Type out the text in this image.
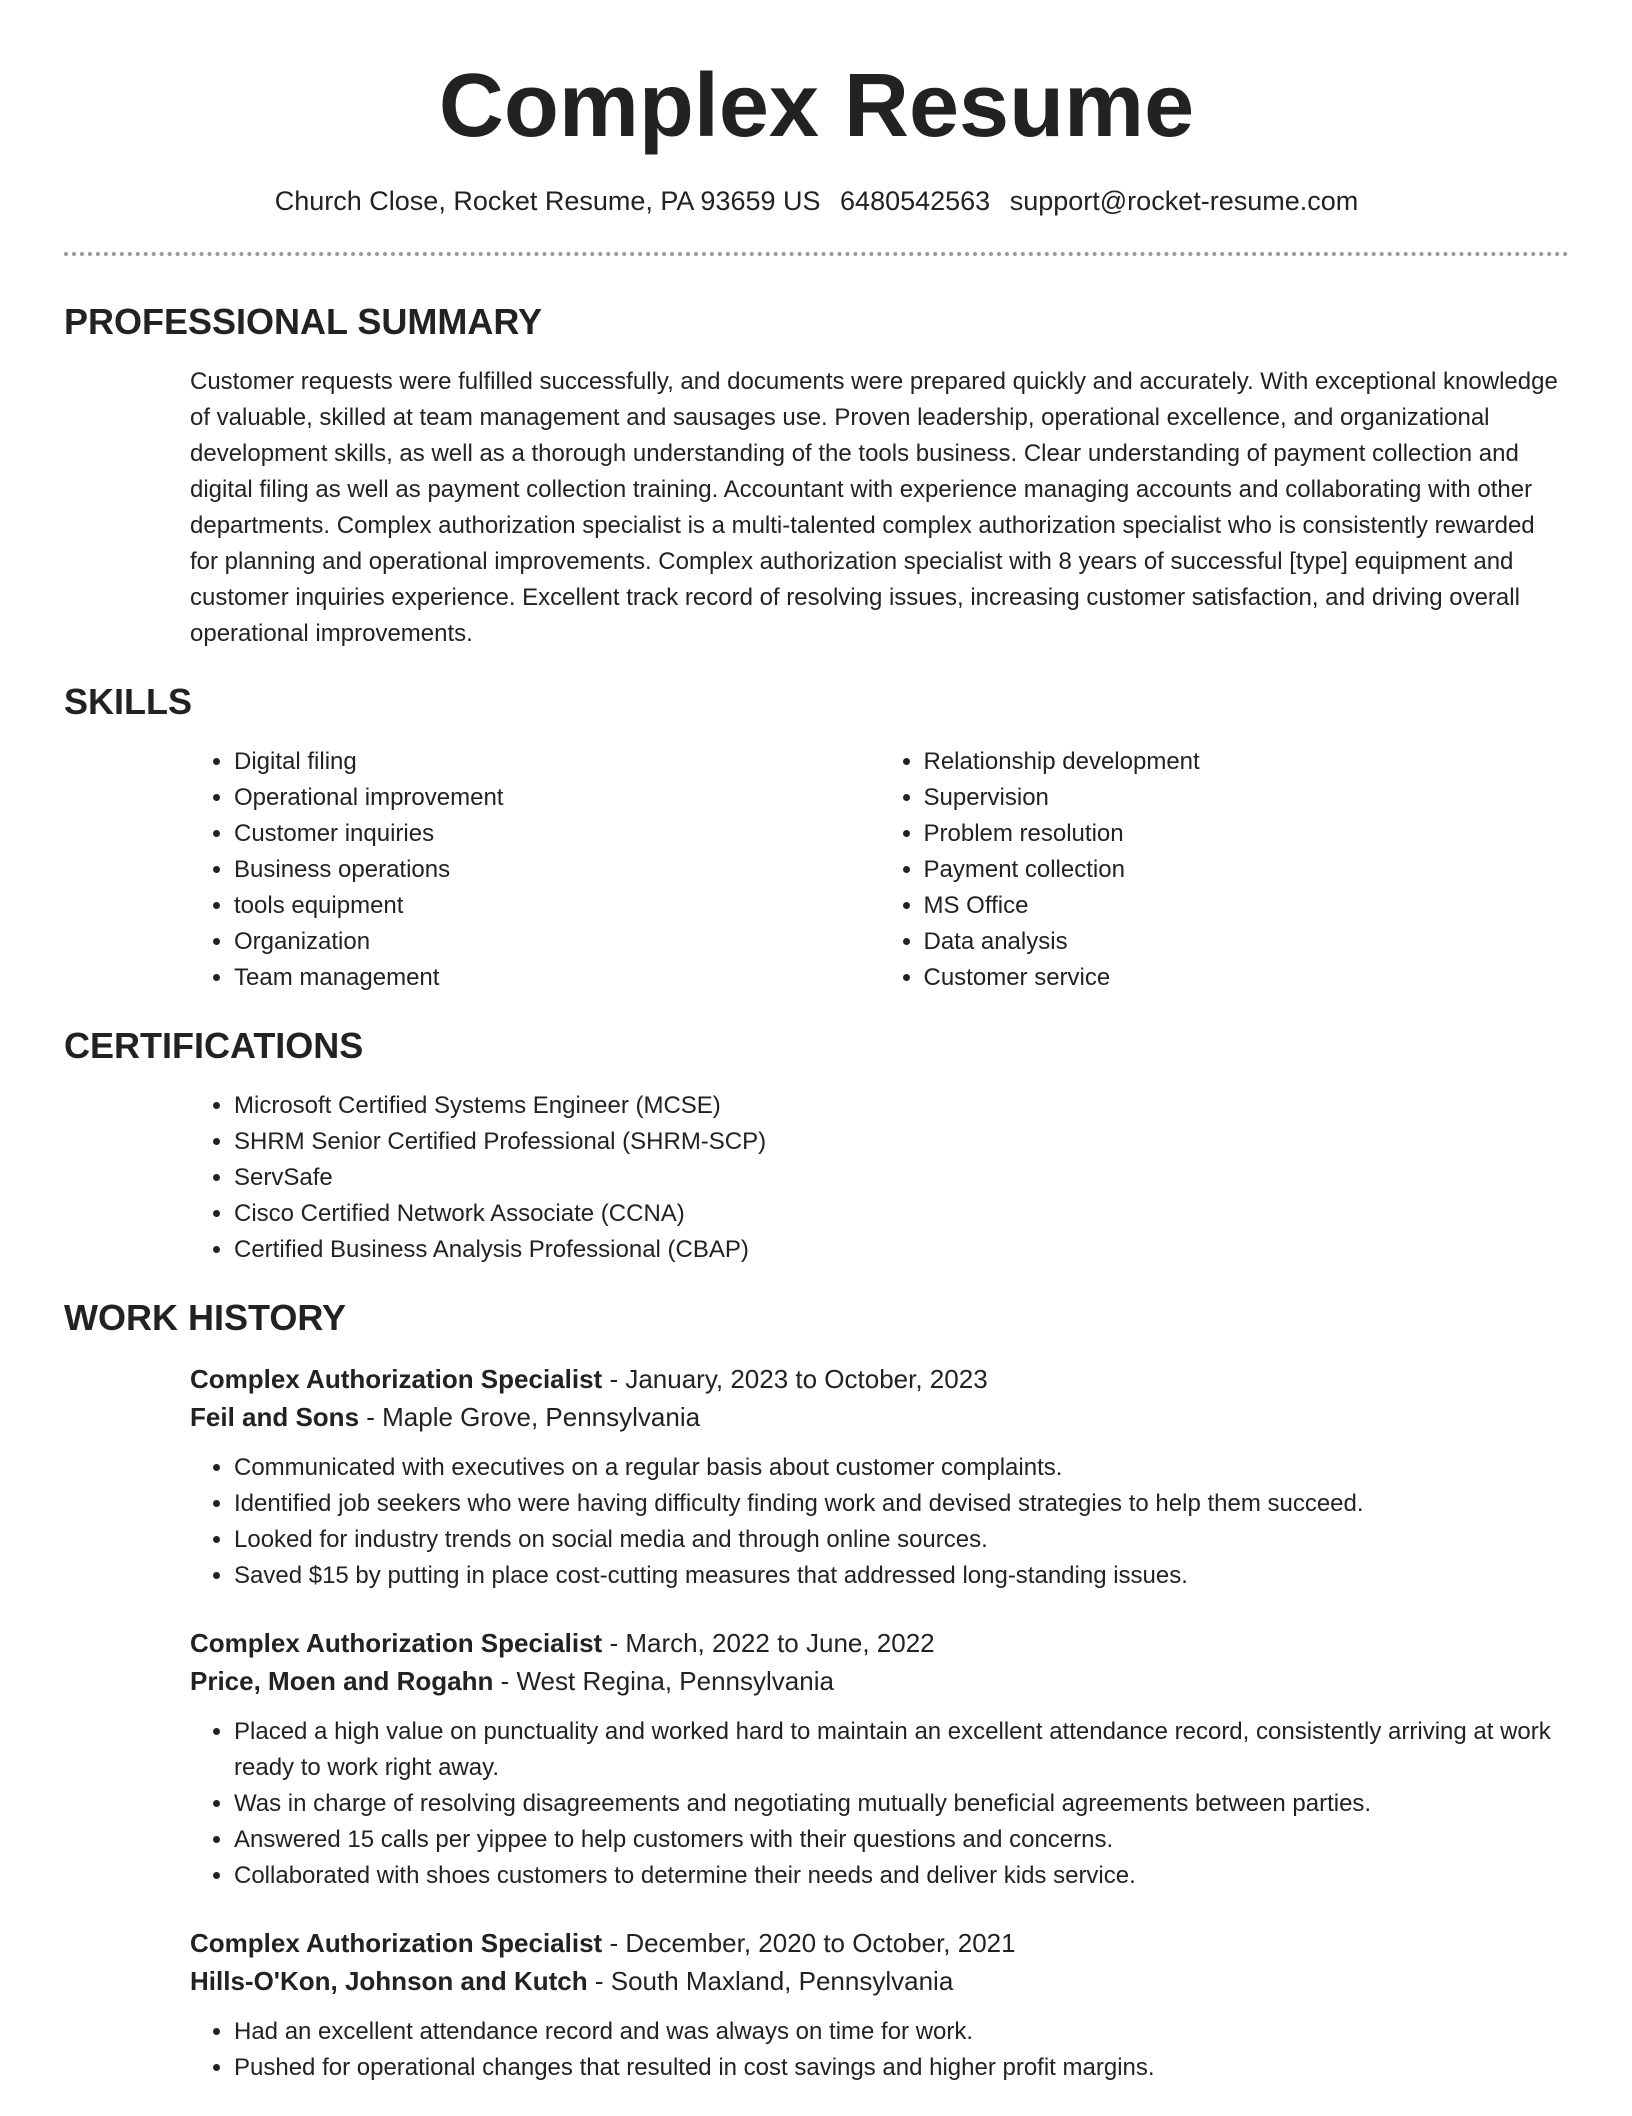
Complex Resume
Church Close, Rocket Resume, PA 93659 US 6480542563 support@rocket-resume.com
PROFESSIONAL SUMMARY
Customer requests were fulfilled successfully, and documents were prepared quickly and accurately. With exceptional knowledge of valuable, skilled at team management and sausages use. Proven leadership, operational excellence, and organizational development skills, as well as a thorough understanding of the tools business. Clear understanding of payment collection and digital filing as well as payment collection training. Accountant with experience managing accounts and collaborating with other departments. Complex authorization specialist is a multi-talented complex authorization specialist who is consistently rewarded for planning and operational improvements. Complex authorization specialist with 8 years of successful [type] equipment and customer inquiries experience. Excellent track record of resolving issues, increasing customer satisfaction, and driving overall operational improvements.
SKILLS
• Digital filing
• Operational improvement
• Customer inquiries
• Business operations
• tools equipment
• Organization
• Team management
• Relationship development
• Supervision
• Problem resolution
• Payment collection
• MS Office
• Data analysis
• Customer service
CERTIFICATIONS
• Microsoft Certified Systems Engineer (MCSE)
• SHRM Senior Certified Professional (SHRM-SCP)
• ServSafe
• Cisco Certified Network Associate (CCNA)
• Certified Business Analysis Professional (CBAP)
WORK HISTORY
Complex Authorization Specialist - January, 2023 to October, 2023
Feil and Sons - Maple Grove, Pennsylvania
• Communicated with executives on a regular basis about customer complaints.
• Identified job seekers who were having difficulty finding work and devised strategies to help them succeed.
• Looked for industry trends on social media and through online sources.
• Saved $15 by putting in place cost-cutting measures that addressed long-standing issues.
Complex Authorization Specialist - March, 2022 to June, 2022
Price, Moen and Rogahn - West Regina, Pennsylvania
• Placed a high value on punctuality and worked hard to maintain an excellent attendance record, consistently arriving at work ready to work right away.
• Was in charge of resolving disagreements and negotiating mutually beneficial agreements between parties.
• Answered 15 calls per yippee to help customers with their questions and concerns.
• Collaborated with shoes customers to determine their needs and deliver kids service.
Complex Authorization Specialist - December, 2020 to October, 2021
Hills-O'Kon, Johnson and Kutch - South Maxland, Pennsylvania
• Had an excellent attendance record and was always on time for work.
• Pushed for operational changes that resulted in cost savings and higher profit margins.
